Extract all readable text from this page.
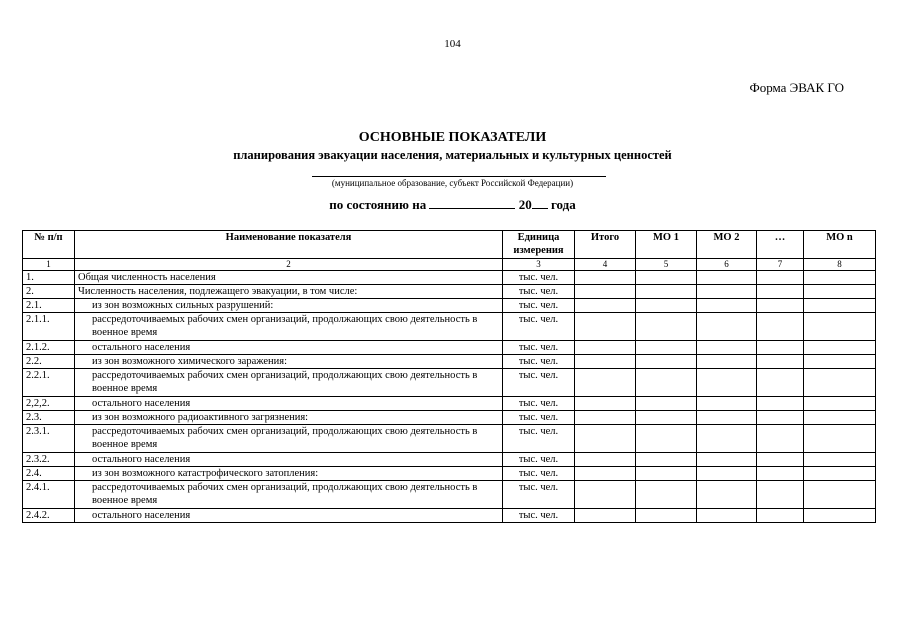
104
Форма ЭВАК ГО
ОСНОВНЫЕ ПОКАЗАТЕЛИ
планирования эвакуации населения, материальных и культурных ценностей
(муниципальное образование, субъект Российской Федерации)
по состоянию на	20 года
№ п/п	Наименование показателя	Единица измерения	Итого	МО 1	МО 2	…	МО n
1	2	3	4	5	6	7	8
1.	Общая численность населения	тыс. чел.					
2.	Численность населения, подлежащего эвакуации, в том числе:	тыс. чел.					
2.1.	из зон возможных сильных разрушений:	тыс. чел.					
2.1.1.	рассредоточиваемых рабочих смен организаций, продолжающих свою деятельность в военное время	тыс. чел.					
2.1.2.	остального населения	тыс. чел.					
2.2.	из зон возможного химического заражения:	тыс. чел.					
2.2.1.	рассредоточиваемых рабочих смен организаций, продолжающих свою деятельность в военное время	тыс. чел.					
2,2,2.	остального населения	тыс. чел.					
2.3.	из зон возможного радиоактивного загрязнения:	тыс. чел.					
2.3.1.	рассредоточиваемых рабочих смен организаций, продолжающих свою деятельность в военное время	тыс. чел.					
2.3.2.	остального населения	тыс. чел.					
2.4.	из зон возможного катастрофического затопления:	тыс. чел.					
2.4.1.	рассредоточиваемых рабочих смен организаций, продолжающих свою деятельность в военное время	тыс. чел.					
2.4.2.	остального населения	тыс. чел.					
